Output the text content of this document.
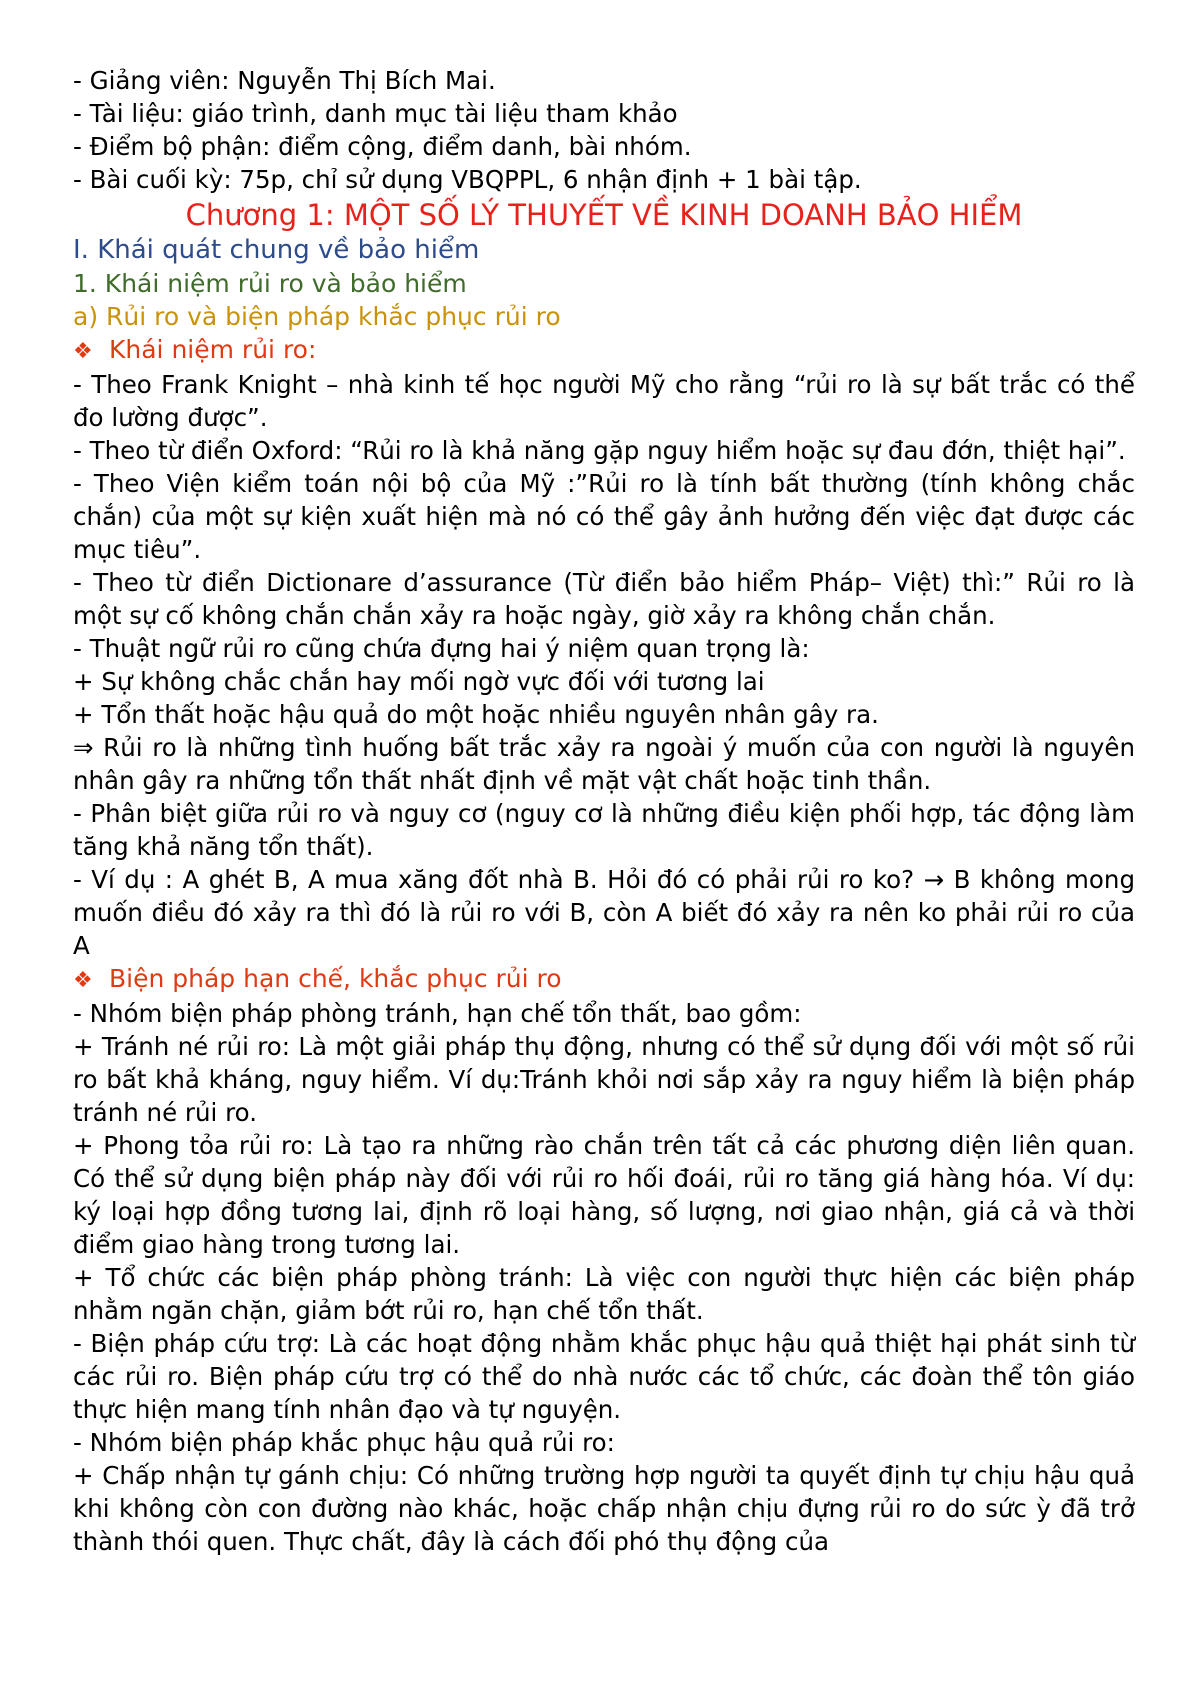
- Giảng viên: Nguyễn Thị Bích Mai.

- Tài liệu: giáo trình, danh mục tài liệu tham khảo

- Điểm bộ phận: điểm cộng, điểm danh, bài nhóm.

- Bài cuối kỳ: 75p, chỉ sử dụng VBQPPL, 6 nhận định + 1 bài tập.

Chương 1: MỘT SỐ LÝ THUYẾT VỀ KINH DOANH BẢO HIỂM

I. Khái quát chung về bảo hiểm

1. Khái niệm rủi ro và bảo hiểm

a) Rủi ro và biện pháp khắc phục rủi ro

❖ Khái niệm rủi ro:

- Theo Frank Knight – nhà kinh tế học người Mỹ cho rằng “rủi ro là sự bất trắc có thể đo lường được”.

- Theo từ điển Oxford: “Rủi ro là khả năng gặp nguy hiểm hoặc sự đau đớn, thiệt hại”.

- Theo Viện kiểm toán nội bộ của Mỹ :”Rủi ro là tính bất thường (tính không chắc chắn) của một sự kiện xuất hiện mà nó có thể gây ảnh hưởng đến việc đạt được các mục tiêu”.

- Theo từ điển Dictionare d’assurance (Từ điển bảo hiểm Pháp– Việt) thì:” Rủi ro là một sự cố không chắn chắn xảy ra hoặc ngày, giờ xảy ra không chắn chắn.

- Thuật ngữ rủi ro cũng chứa đựng hai ý niệm quan trọng là:

+ Sự không chắc chắn hay mối ngờ vực đối với tương lai

+ Tổn thất hoặc hậu quả do một hoặc nhiều nguyên nhân gây ra.

⇒ Rủi ro là những tình huống bất trắc xảy ra ngoài ý muốn của con người là nguyên nhân gây ra những tổn thất nhất định về mặt vật chất hoặc tinh thần.

- Phân biệt giữa rủi ro và nguy cơ (nguy cơ là những điều kiện phối hợp, tác động làm tăng khả năng tổn thất).

- Ví dụ : A ghét B, A mua xăng đốt nhà B. Hỏi đó có phải rủi ro ko? → B không mong muốn điều đó xảy ra thì đó là rủi ro với B, còn A biết đó xảy ra nên ko phải rủi ro của A

❖ Biện pháp hạn chế, khắc phục rủi ro

- Nhóm biện pháp phòng tránh, hạn chế tổn thất, bao gồm:

+ Tránh né rủi ro: Là một giải pháp thụ động, nhưng có thể sử dụng đối với một số rủi ro bất khả kháng, nguy hiểm. Ví dụ:Tránh khỏi nơi sắp xảy ra nguy hiểm là biện pháp tránh né rủi ro.

+ Phong tỏa rủi ro: Là tạo ra những rào chắn trên tất cả các phương diện liên quan. Có thể sử dụng biện pháp này đối với rủi ro hối đoái, rủi ro tăng giá hàng hóa. Ví dụ: ký loại hợp đồng tương lai, định rõ loại hàng, số lượng, nơi giao nhận, giá cả và thời điểm giao hàng trong tương lai.

+ Tổ chức các biện pháp phòng tránh: Là việc con người thực hiện các biện pháp nhằm ngăn chặn, giảm bớt rủi ro, hạn chế tổn thất.

- Biện pháp cứu trợ: Là các hoạt động nhằm khắc phục hậu quả thiệt hại phát sinh từ các rủi ro. Biện pháp cứu trợ có thể do nhà nước các tổ chức, các đoàn thể tôn giáo thực hiện mang tính nhân đạo và tự nguyện.

- Nhóm biện pháp khắc phục hậu quả rủi ro:

+ Chấp nhận tự gánh chịu: Có những trường hợp người ta quyết định tự chịu hậu quả khi không còn con đường nào khác, hoặc chấp nhận chịu đựng rủi ro do sức ỳ đã trở thành thói quen. Thực chất, đây là cách đối phó thụ động của
